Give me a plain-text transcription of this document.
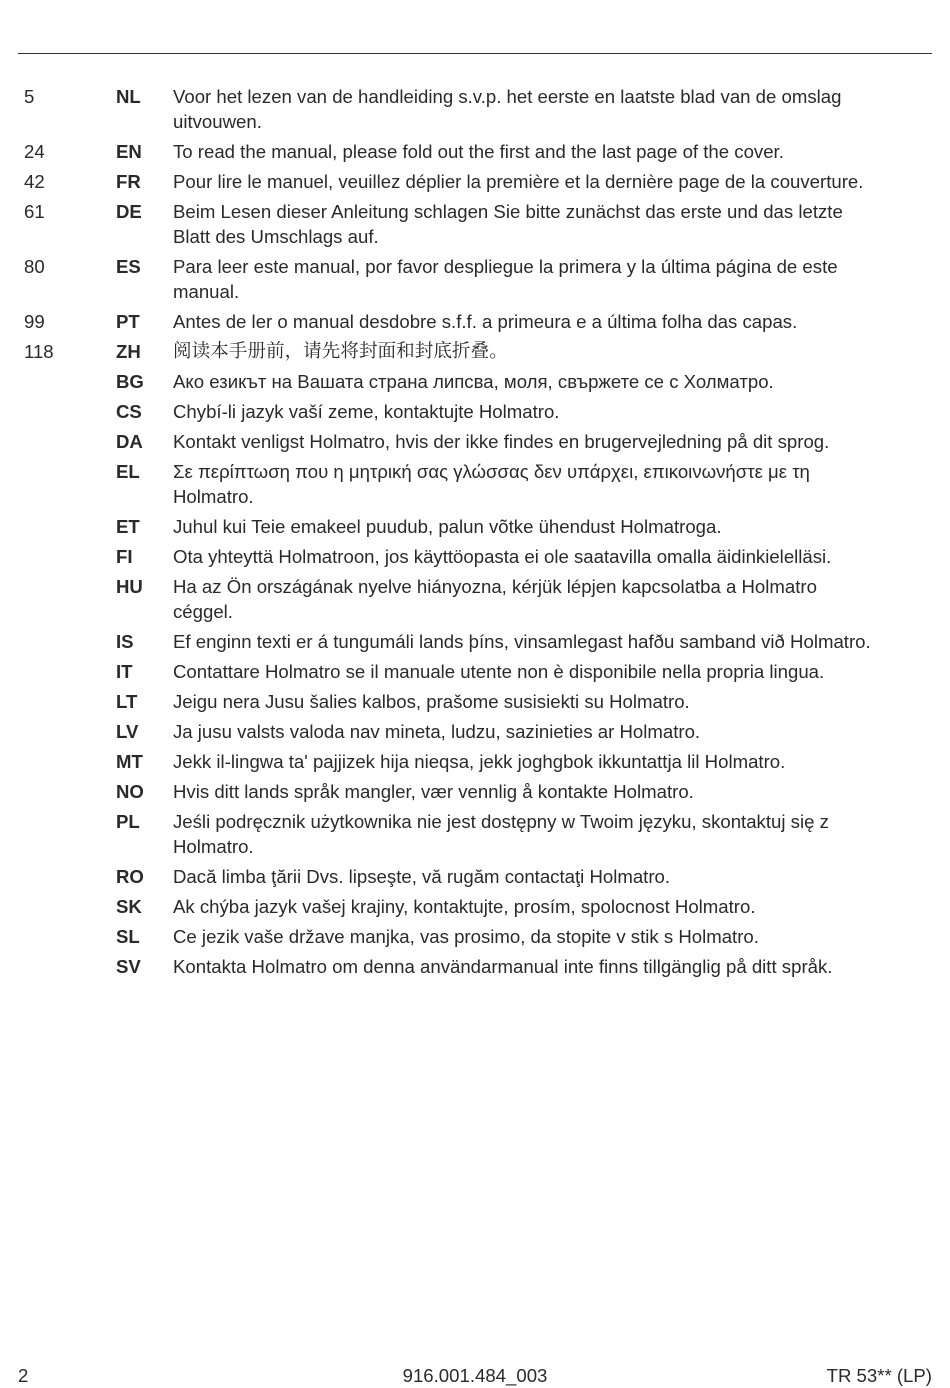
5	NL	Voor het lezen van de handleiding s.v.p. het eerste en laatste blad van de omslag
uitvouwen.
24	EN	To read the manual, please fold out the first and the last page of the cover.
42	FR	Pour lire le manuel, veuillez déplier la première et la dernière page de la couverture.
61	DE	Beim Lesen dieser Anleitung schlagen Sie bitte zunächst das erste und das letzte
Blatt des Umschlags auf.
80	ES	Para leer este manual, por favor despliegue la primera y la última página de este
manual.
99	PT	Antes de ler o manual desdobre s.f.f. a primeura e a última folha das capas.
118	ZH	阅读本手册前，请先将封面和封底折叠。
BG	Ако езикът на Вашата страна липсва, моля, свържете се с Холматро.
CS	Chybí-li jazyk vaší zeme, kontaktujte Holmatro.
DA	Kontakt venligst Holmatro, hvis der ikke findes en brugervejledning på dit sprog.
EL	Σε περίπτωση που η μητρική σας γλώσσας δεν υπάρχει, επικοινωνήστε με τη
Holmatro.
ET	Juhul kui Teie emakeel puudub, palun võtke ühendust Holmatroga.
FI	Ota yhteyttä Holmatroon, jos käyttöopasta ei ole saatavilla omalla äidinkielelläsi.
HU	Ha az Ön országának nyelve hiányozna, kérjük lépjen kapcsolatba a Holmatro
céggel.
IS	Ef enginn texti er á tungumáli lands þíns, vinsamlegast hafðu samband við Holmatro.
IT	Contattare Holmatro se il manuale utente non è disponibile nella propria lingua.
LT	Jeigu nera Jusu šalies kalbos, prašome susisiekti su Holmatro.
LV	Ja jusu valsts valoda nav mineta, ludzu, sazinieties ar Holmatro.
MT	Jekk il-lingwa ta' pajjizek hija nieqsa, jekk joghgbok ikkuntattja lil Holmatro.
NO	Hvis ditt lands språk mangler, vær vennlig å kontakte Holmatro.
PL	Jeśli podręcznik użytkownika nie jest dostępny w Twoim języku, skontaktuj się z
Holmatro.
RO	Dacă limba ţării Dvs. lipseşte, vă rugăm contactaţi Holmatro.
SK	Ak chýba jazyk vašej krajiny, kontaktujte, prosím, spolocnost Holmatro.
SL	Ce jezik vaše države manjka, vas prosimo, da stopite v stik s Holmatro.
SV	Kontakta Holmatro om denna användarmanual inte finns tillgänglig på ditt språk.
2	916.001.484_003	TR 53** (LP)
